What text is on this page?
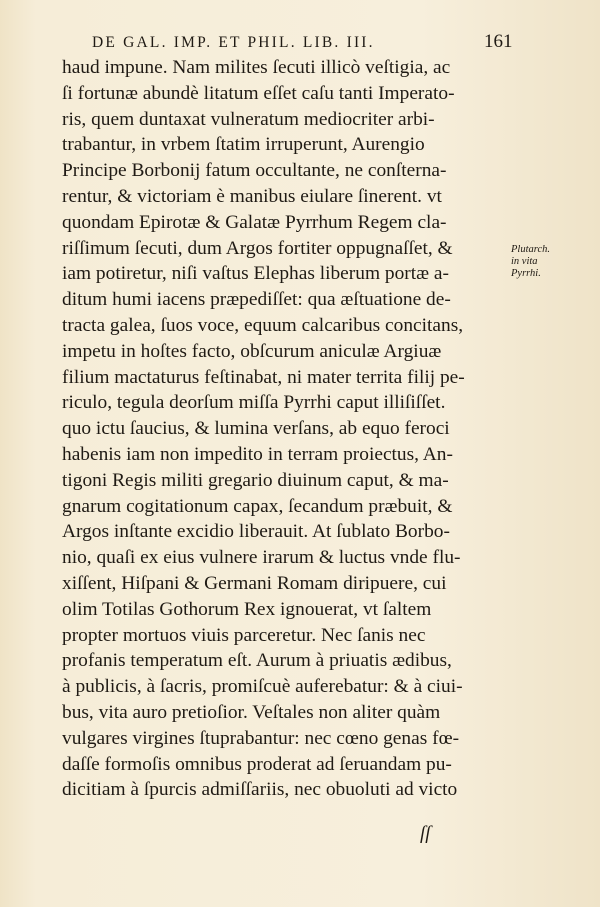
DE GAL. IMP. ET PHIL. LIB. III.	161
haud impune. Nam milites ſecuti illicò veſtigia, ac
ſi fortunæ abundè litatum eſſet caſu tanti Imperato-
ris, quem duntaxat vulneratum mediocriter arbi-
trabantur, in vrbem ſtatim irruperunt, Aurengio
Principe Borbonij fatum occultante, ne conſterna-
rentur, & victoriam è manibus eiulare ſinerent. vt
quondam Epirotæ & Galatæ Pyrrhum Regem cla-
riſſimum ſecuti, dum Argos fortiter oppugnaſſet, &
iam potiretur, niſi vaſtus Elephas liberum portæ a-
ditum humi iacens præpediſſet: qua æſtuatione de-
tracta galea, ſuos voce, equum calcaribus concitans,
impetu in hoſtes facto, obſcurum aniculæ Argiuæ
filium mactaturus feſtinabat, ni mater territa filij pe-
riculo, tegula deorſum miſſa Pyrrhi caput illiſiſſet.
quo ictu ſaucius, & lumina verſans, ab equo feroci
habenis iam non impedito in terram proiectus, An-
tigoni Regis militi gregario diuinum caput, & ma-
gnarum cogitationum capax, ſecandum præbuit, &
Argos inſtante excidio liberauit. At ſublato Borbo-
nio, quaſi ex eius vulnere irarum & luctus vnde flu-
xiſſent, Hiſpani & Germani Romam diripuere, cui
olim Totilas Gothorum Rex ignouerat, vt ſaltem
propter mortuos viuis parceretur. Nec ſanis nec
profanis temperatum eſt. Aurum à priuatis ædibus,
à publicis, à ſacris, promiſcuè auferebatur: & à ciui-
bus, vita auro pretioſior. Veſtales non aliter quàm
vulgares virgines ſtuprabantur: nec cœno genas fœ-
daſſe formoſis omnibus proderat ad ſeruandam pu-
dicitiam à ſpurcis admiſſariis, nec obuoluti ad victo
Plutarch.
in vita
Pyrrhi.
ſſ
